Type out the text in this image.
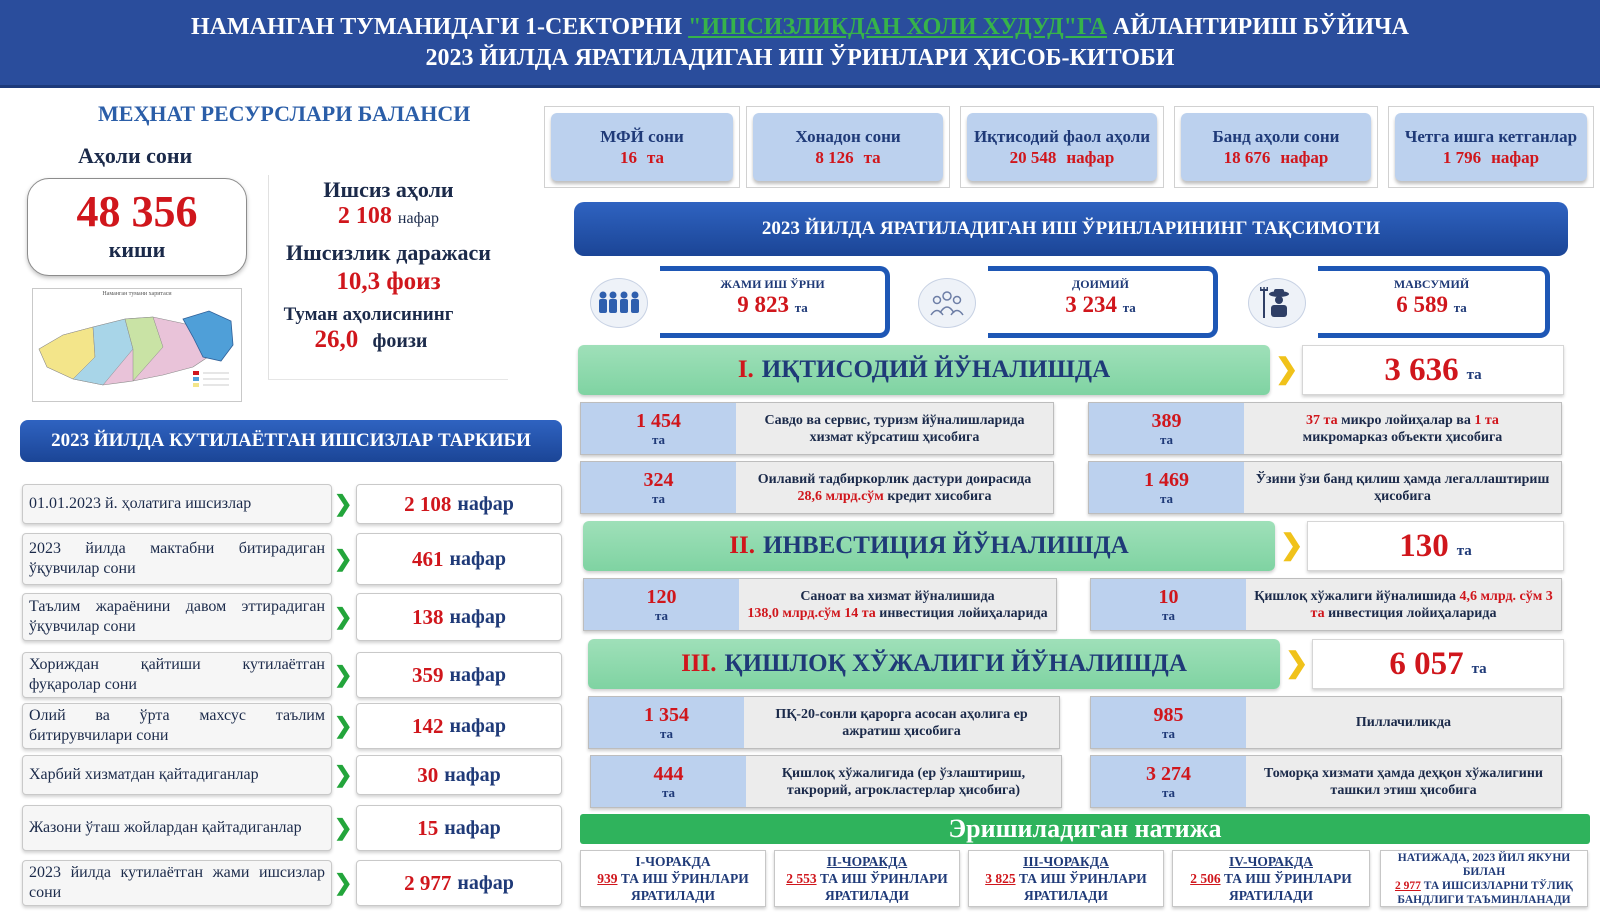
НАМАНГАН ТУМАНИДАГИ 1-СЕКТОРНИ "ИШСИЗЛИКДАН ХОЛИ ХУДУД"ГА АЙЛАНТИРИШ БЎЙИЧА
2023 ЙИЛДА ЯРАТИЛАДИГАН ИШ ЎРИНЛАРИ ҲИСОБ-КИТОБИ
МЕҲНАТ РЕСУРСЛАРИ БАЛАНСИ
Аҳоли сони
48 356
киши
Ишсиз аҳоли
2 108 нафар
Ишсизлик даражаси
10,3 фоиз
Туман аҳолисининг
26,0 фоизи
Наманган тумани харитаси
2023 ЙИЛДА КУТИЛАЁТГАН ИШСИЗЛАР ТАРКИБИ
01.01.2023 й. ҳолатига ишсизлар	❯ 2 108 нафар
2023 йилда мактабни битирадиган ўқувчилар сони	❯	461 нафар
Таълим жараёнини давом эттирадиган ўқувчилар сони	❯	138 нафар
Хориждан қайтиши кутилаётган фуқаролар сони	❯	359 нафар
Олий ва ўрта махсус таълим битирувчилари сони	❯	142 нафар
Харбий хизматдан қайтадиганлар	❯	30 нафар
Жазони ўташ жойлардан қайтадиганлар	❯	15 нафар
2023 йилда кутилаётган жами ишсизлар сони	❯ 2 977 нафар
МФЙ сони
16 та
Хонадон сони
8 126 та
Иқтисодий фаол аҳоли
20 548 нафар
Банд аҳоли сони
18 676 нафар
Четга ишга кетганлар
1 796 нафар
2023 ЙИЛДА ЯРАТИЛАДИГАН ИШ ЎРИНЛАРИНИНГ ТАҚСИМОТИ
ЖАМИ ИШ ЎРНИ
9 823 та
ДОИМИЙ
3 234 та
МАВСУМИЙ
6 589 та
I. ИҚТИСОДИЙ ЙЎНАЛИШДА	❯	3 636 та
1 454
та
Савдо ва сервис, туризм йўналишларида хизмат кўрсатиш ҳисобига
389
та
37 та микро лойиҳалар ва 1 та
микромарказ объекти ҳисобига
324
та
Оилавий тадбиркорлик дастури доирасида
28,6 млрд.сўм кредит хисобига
1 469
та
Ўзини ўзи банд қилиш ҳамда легаллаштириш ҳисобига
II. ИНВЕСТИЦИЯ ЙЎНАЛИШДА	❯	130 та
120
та
Саноат ва хизмат йўналишида
138,0 млрд.сўм 14 та инвестиция лойиҳаларида
10
та
Қишлоқ хўжалиги йўналишида 4,6 млрд. сўм 3 та инвестиция лойиҳаларида
III. ҚИШЛОҚ ХЎЖАЛИГИ ЙЎНАЛИШДА	❯ 6 057 та
1 354
та
ПҚ-20-сонли қарорга асосан аҳолига ер ажратиш ҳисобига
985
та
Пиллачиликда
444
та
Қишлоқ хўжалигида (ер ўзлаштириш, такрорий, агрокластерлар ҳисобига)
3 274
та
Томорқа хизмати ҳамда деҳқон хўжалигини ташкил этиш ҳисобига
Эришиладиган натижа
I-ЧОРАКДА
939 ТА ИШ ЎРИНЛАРИ ЯРАТИЛАДИ
II-ЧОРАКДА
2 553 ТА ИШ ЎРИНЛАРИ ЯРАТИЛАДИ
III-ЧОРАКДА
3 825 ТА ИШ ЎРИНЛАРИ ЯРАТИЛАДИ
IV-ЧОРАКДА
2 506 ТА ИШ ЎРИНЛАРИ ЯРАТИЛАДИ
НАТИЖАДА, 2023 ЙИЛ ЯКУНИ БИЛАН
2 977 ТА ИШСИЗЛАРНИ ТЎЛИҚ БАНДЛИГИ ТАЪМИНЛАНАДИ
